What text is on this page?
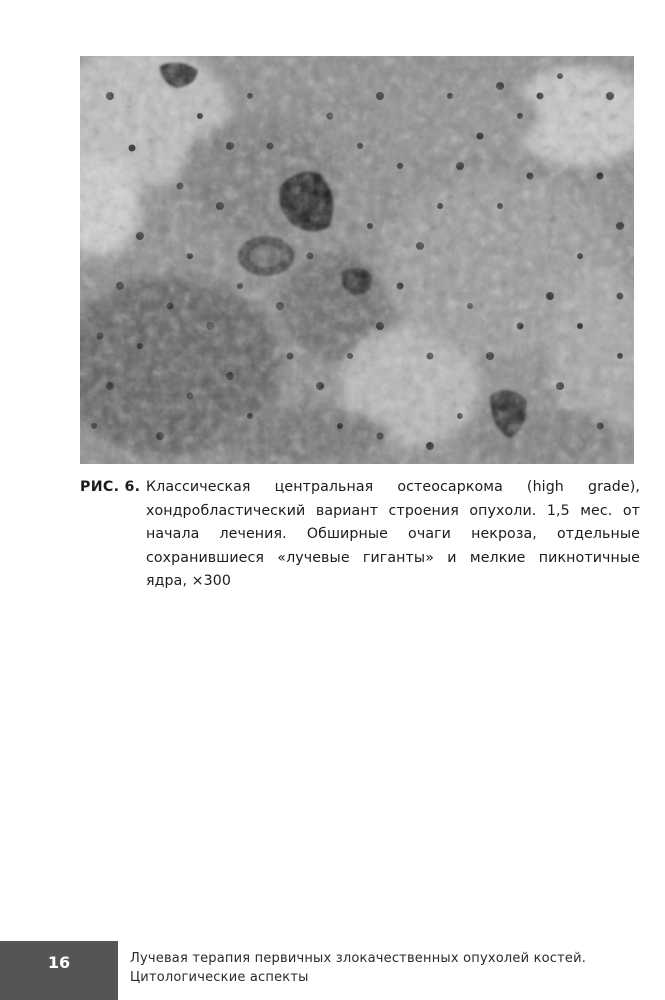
РИС. 6. Классическая центральная остеосаркома (high grade), хондробластический вариант строения опухоли. 1,5 мес. от начала лечения. Обширные очаги некроза, отдельные сохранившиеся «лучевые гиганты» и мелкие пикнотичные ядра, ×300
16	Лучевая терапия первичных злокачественных опухолей костей.
Цитологические аспекты
